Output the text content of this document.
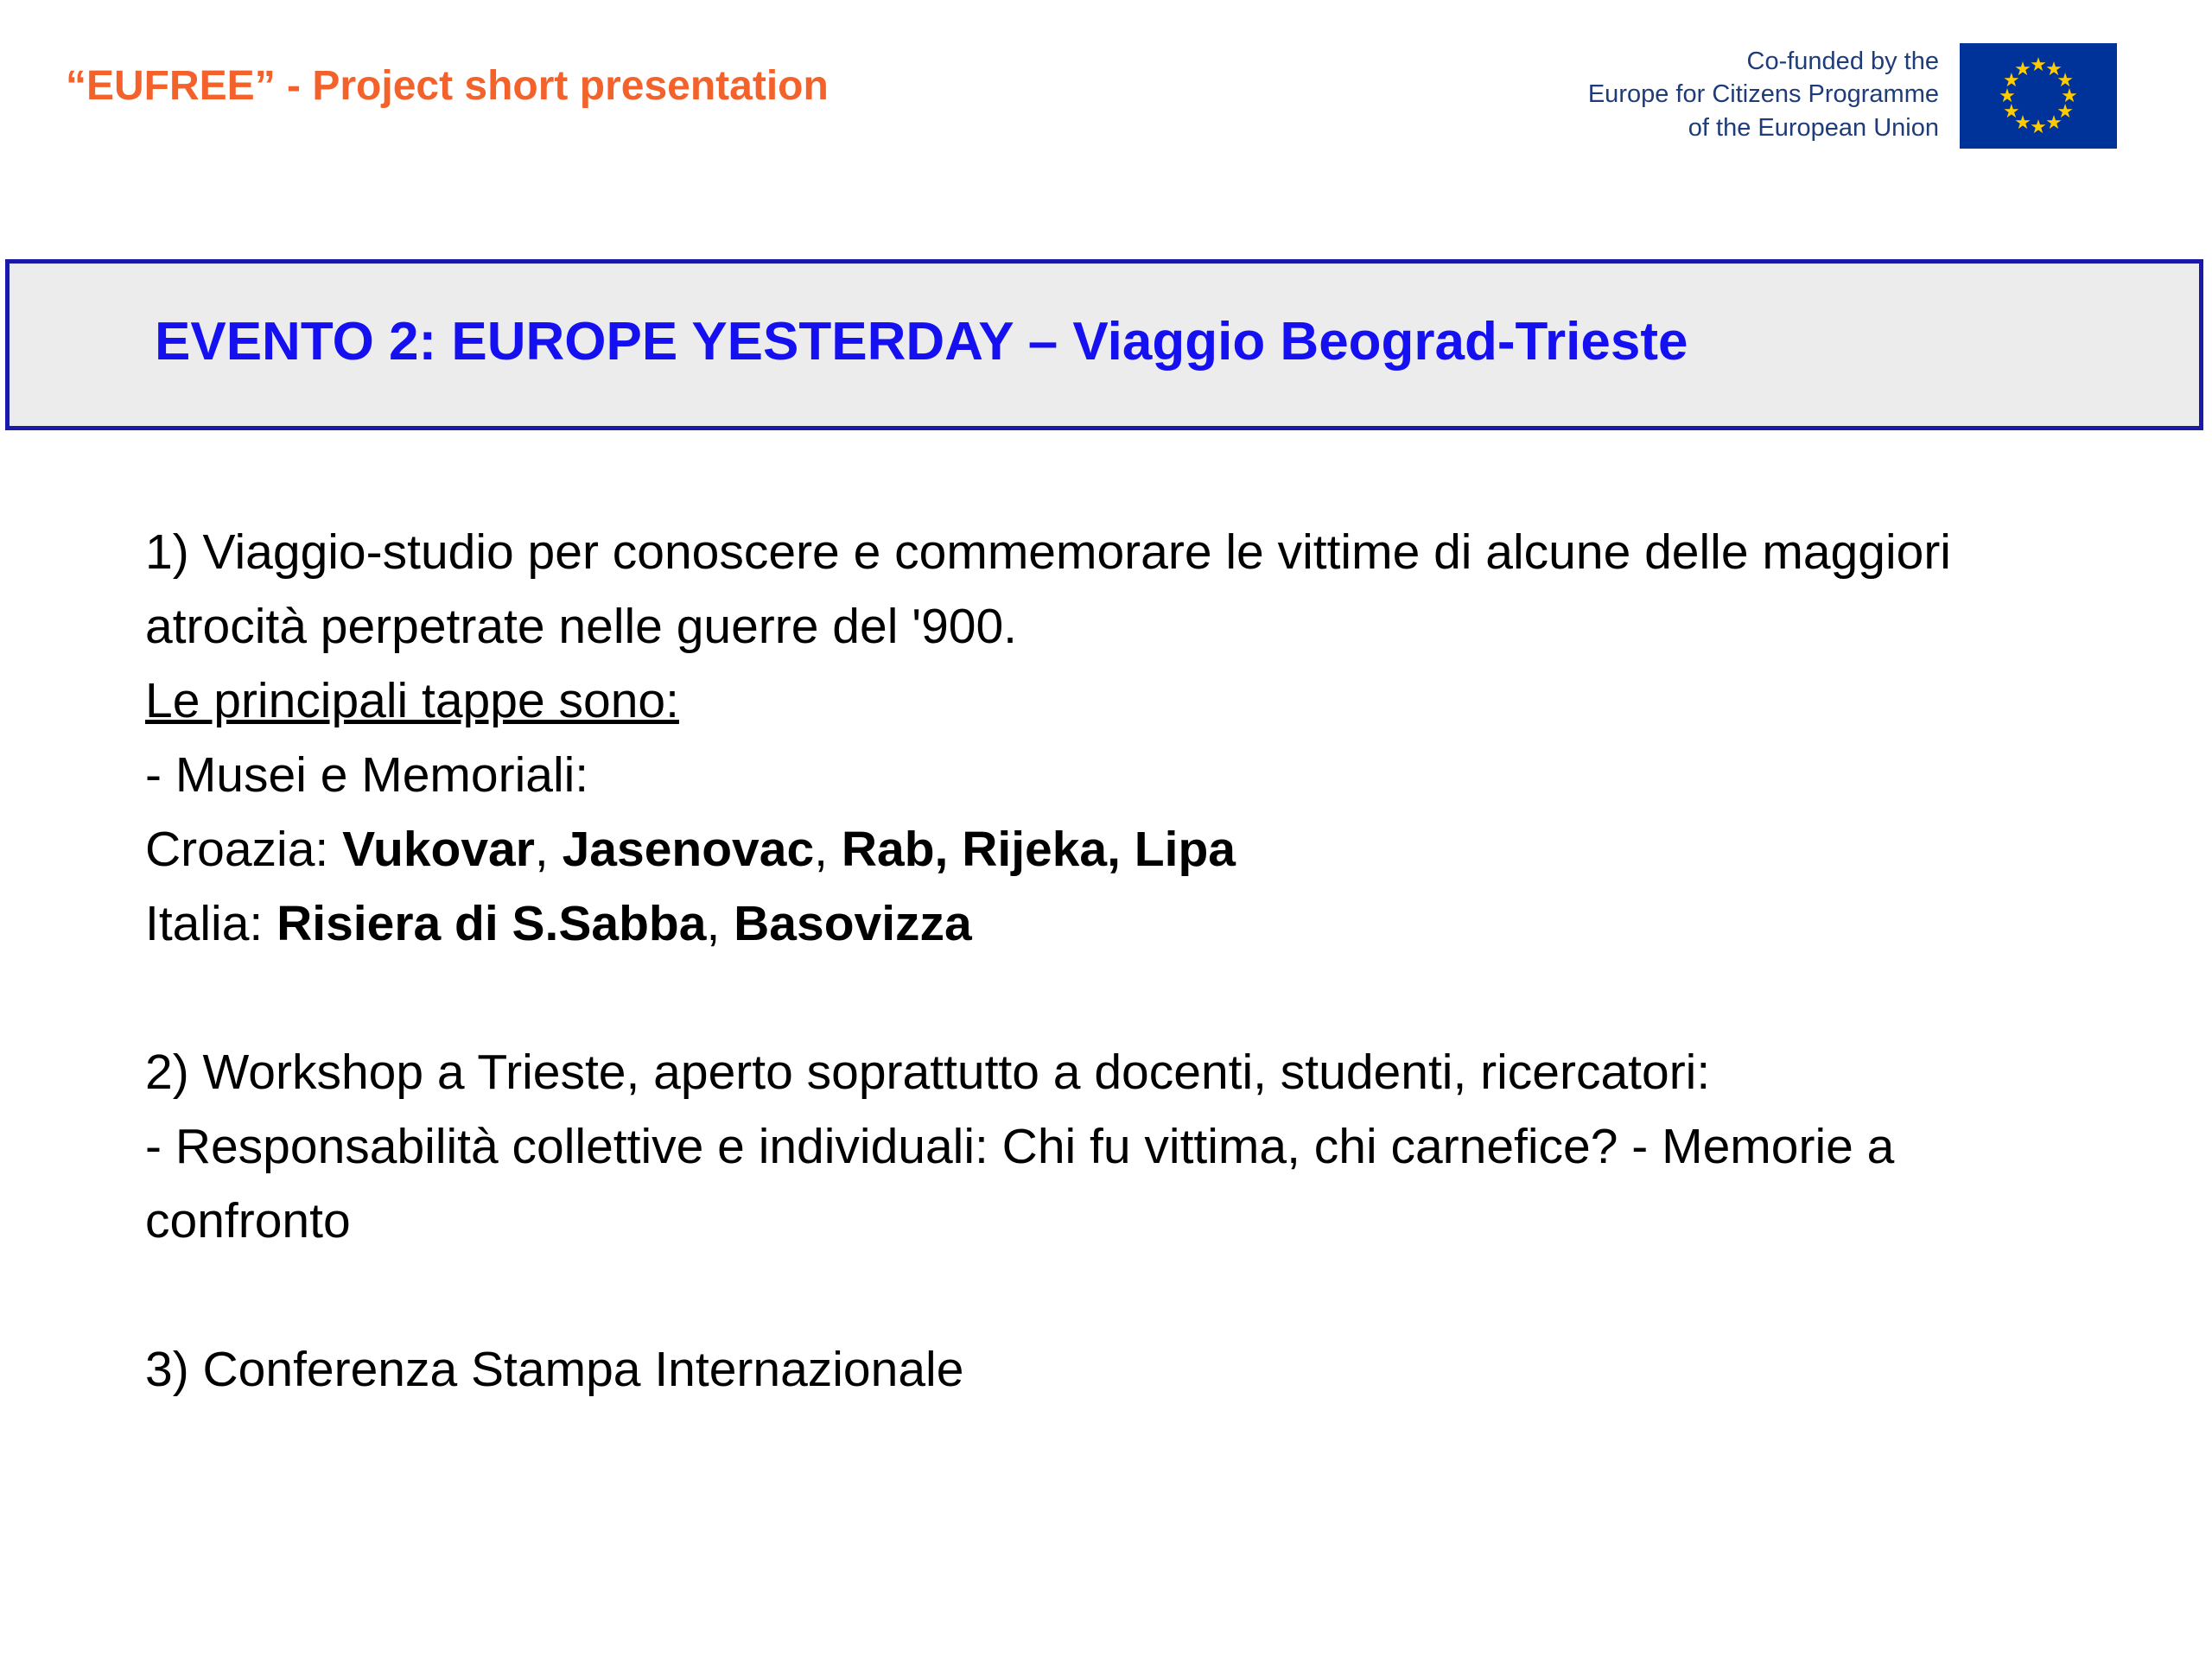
“EUFREE” - Project short presentation
Co-funded by the
Europe for Citizens Programme
of the European Union
★
★
★
★
★
★
★
★
★
★
★
★
EVENTO 2: EUROPE YESTERDAY – Viaggio Beograd-Trieste
1) Viaggio-studio per conoscere e commemorare le vittime di alcune delle maggiori atrocità perpetrate nelle guerre del '900.
Le principali tappe sono:
- Musei e Memoriali:
Croazia: Vukovar, Jasenovac, Rab, Rijeka, Lipa
Italia: Risiera di S.Sabba, Basovizza
2) Workshop a Trieste, aperto soprattutto a docenti, studenti, ricercatori:
- Responsabilità collettive e individuali: Chi fu vittima, chi carnefice? - Memorie a confronto
3) Conferenza Stampa Internazionale
